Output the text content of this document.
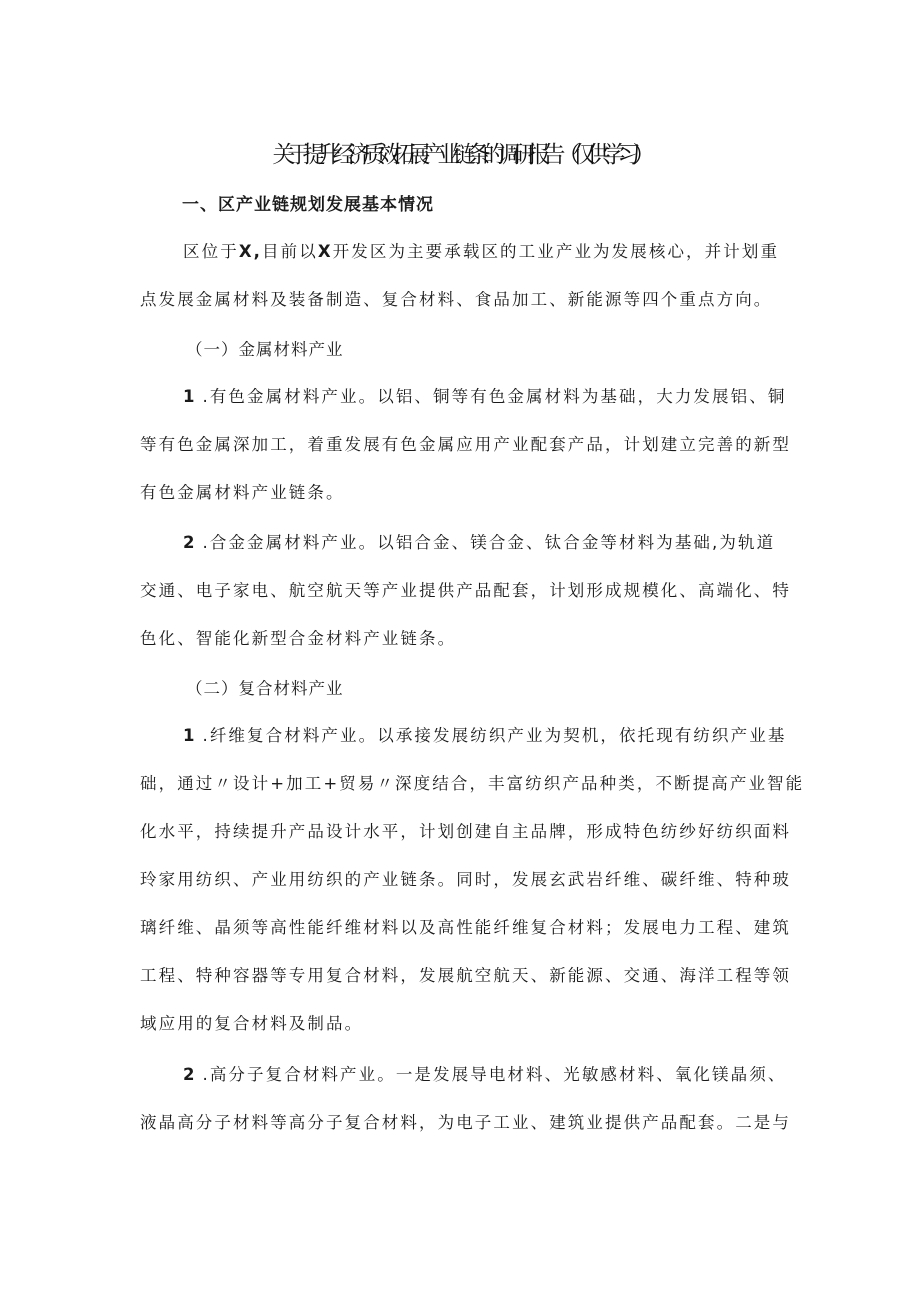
关于提升经济质效拓展产业链条的调研报告（仅供学习）
一、区产业链规划发展基本情况
区位于X,目前以X开发区为主要承载区的工业产业为发展核心，并计划重
点发展金属材料及装备制造、复合材料、食品加工、新能源等四个重点方向。
（一）金属材料产业
1 .有色金属材料产业。以铝、铜等有色金属材料为基础，大力发展铝、铜
等有色金属深加工，着重发展有色金属应用产业配套产品，计划建立完善的新型
有色金属材料产业链条。
2 .合金金属材料产业。以铝合金、镁合金、钛合金等材料为基础,为轨道
交通、电子家电、航空航天等产业提供产品配套，计划形成规模化、高端化、特
色化、智能化新型合金材料产业链条。
（二）复合材料产业
1 .纤维复合材料产业。以承接发展纺织产业为契机，依托现有纺织产业基
础，通过〃设计+加工+贸易〃深度结合，丰富纺织产品种类，不断提高产业智能
化水平，持续提升产品设计水平，计划创建自主品牌，形成特色纺纱好纺织面料
玲家用纺织、产业用纺织的产业链条。同时，发展玄武岩纤维、碳纤维、特种玻
璃纤维、晶须等高性能纤维材料以及高性能纤维复合材料；发展电力工程、建筑
工程、特种容器等专用复合材料，发展航空航天、新能源、交通、海洋工程等领
域应用的复合材料及制品。
2 .高分子复合材料产业。一是发展导电材料、光敏感材料、氧化镁晶须、
液晶高分子材料等高分子复合材料，为电子工业、建筑业提供产品配套。二是与
